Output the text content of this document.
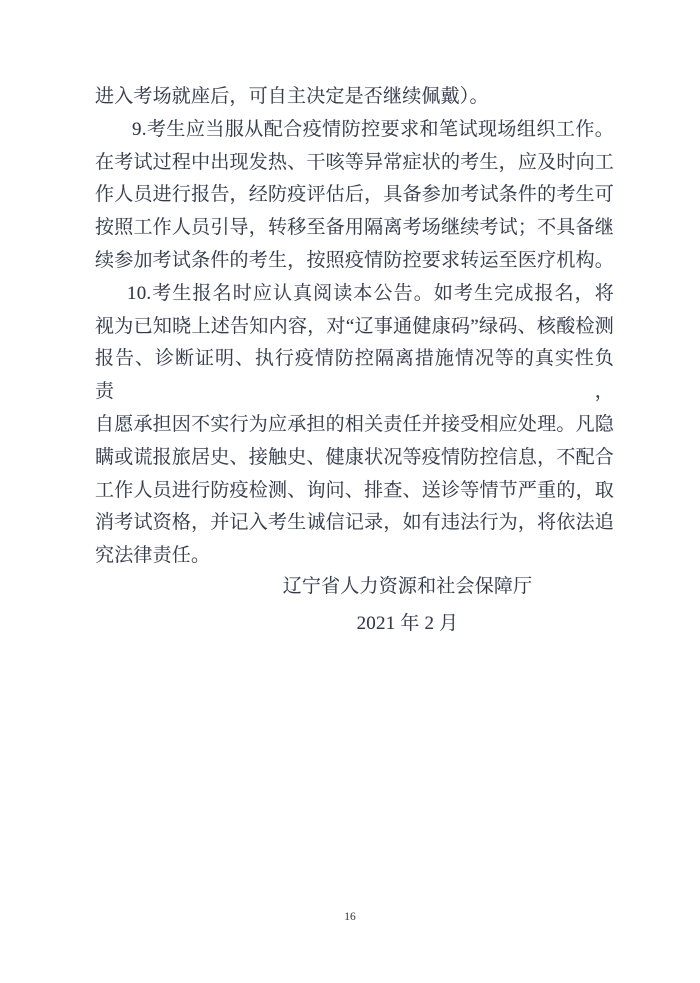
进入考场就座后，可自主决定是否继续佩戴）。
9.考生应当服从配合疫情防控要求和笔试现场组织工作。
在考试过程中出现发热、干咳等异常症状的考生，应及时向工
作人员进行报告，经防疫评估后，具备参加考试条件的考生可
按照工作人员引导，转移至备用隔离考场继续考试；不具备继
续参加考试条件的考生，按照疫情防控要求转运至医疗机构。
10.考生报名时应认真阅读本公告。如考生完成报名，将
视为已知晓上述告知内容，对“辽事通健康码”绿码、核酸检测
报告、诊断证明、执行疫情防控隔离措施情况等的真实性负责，
自愿承担因不实行为应承担的相关责任并接受相应处理。凡隐
瞒或谎报旅居史、接触史、健康状况等疫情防控信息，不配合
工作人员进行防疫检测、询问、排查、送诊等情节严重的，取
消考试资格，并记入考生诚信记录，如有违法行为，将依法追
究法律责任。
辽宁省人力资源和社会保障厅
2021 年 2 月
16
